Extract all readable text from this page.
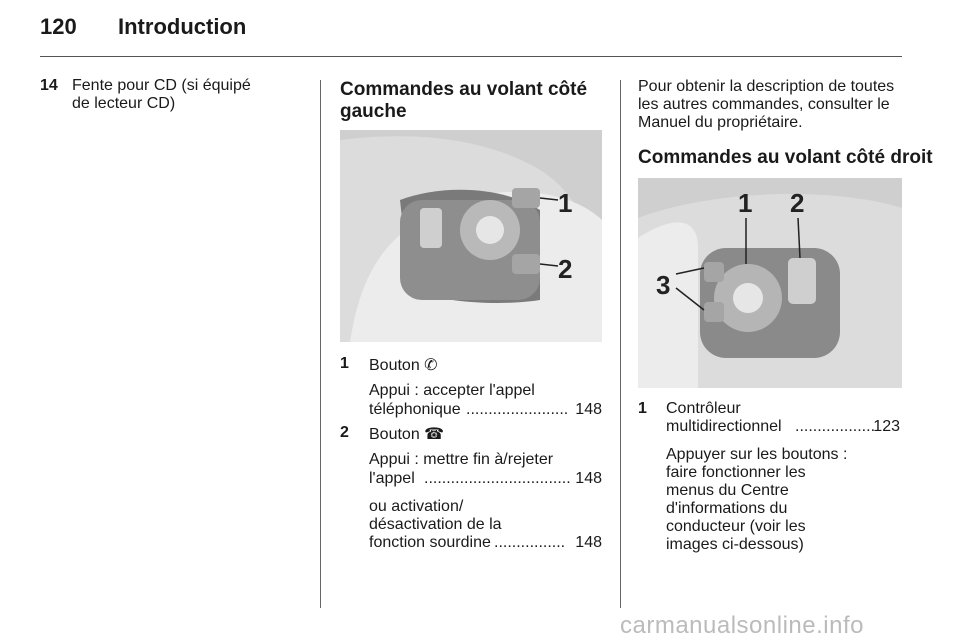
120 Introduction
14 Fente pour CD (si équipé
de lecteur CD)
Commandes au volant côté
gauche
1
2
1 Bouton ✆
Appui : accepter l'appel
téléphonique ....................... 148
2 Bouton ☎
Appui : mettre fin à/rejeter
l'appel ................................. 148
ou activation/
désactivation de la
fonction sourdine ................ 148
Pour obtenir la description de toutes
les autres commandes, consulter le
Manuel du propriétaire.
Commandes au volant côté droit
1 2
3
1 Contrôleur
multidirectionnel ..................
123
Appuyer sur les boutons :
faire fonctionner les
menus du Centre
d'informations du
conducteur (voir les
images ci-dessous)
carmanualsonline.info
